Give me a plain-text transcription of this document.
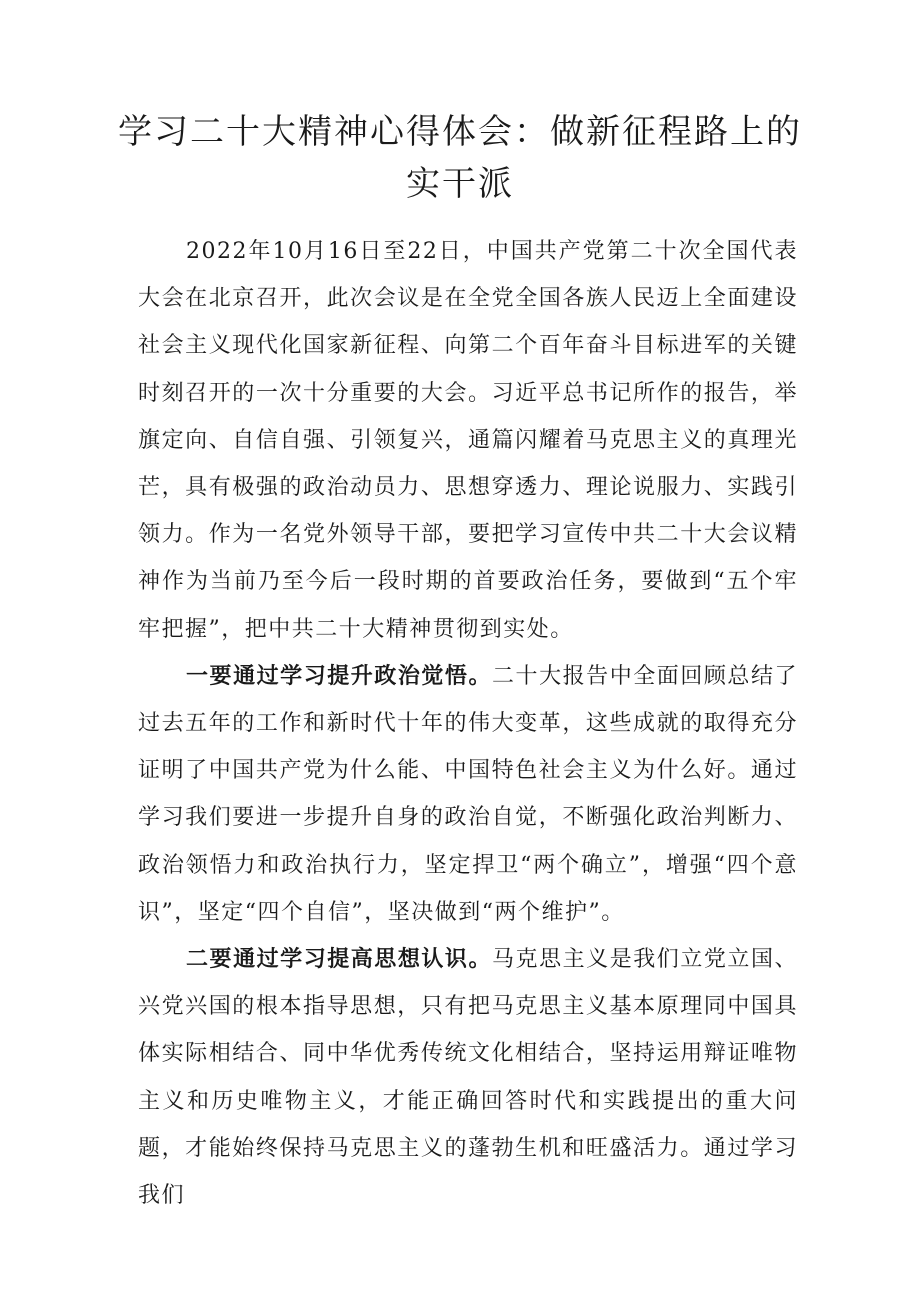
学习二十大精神心得体会：做新征程路上的实干派

2022年10月16日至22日，中国共产党第二十次全国代表大会在北京召开，此次会议是在全党全国各族人民迈上全面建设社会主义现代化国家新征程、向第二个百年奋斗目标进军的关键时刻召开的一次十分重要的大会。习近平总书记所作的报告，举旗定向、自信自强、引领复兴，通篇闪耀着马克思主义的真理光芒，具有极强的政治动员力、思想穿透力、理论说服力、实践引领力。作为一名党外领导干部，要把学习宣传中共二十大会议精神作为当前乃至今后一段时期的首要政治任务，要做到“五个牢牢把握”，把中共二十大精神贯彻到实处。

一要通过学习提升政治觉悟。二十大报告中全面回顾总结了过去五年的工作和新时代十年的伟大变革，这些成就的取得充分证明了中国共产党为什么能、中国特色社会主义为什么好。通过学习我们要进一步提升自身的政治自觉，不断强化政治判断力、政治领悟力和政治执行力，坚定捍卫“两个确立”，增强“四个意识”，坚定“四个自信”，坚决做到“两个维护”。

二要通过学习提高思想认识。马克思主义是我们立党立国、兴党兴国的根本指导思想，只有把马克思主义基本原理同中国具体实际相结合、同中华优秀传统文化相结合，坚持运用辩证唯物主义和历史唯物主义，才能正确回答时代和实践提出的重大问题，才能始终保持马克思主义的蓬勃生机和旺盛活力。通过学习我们
